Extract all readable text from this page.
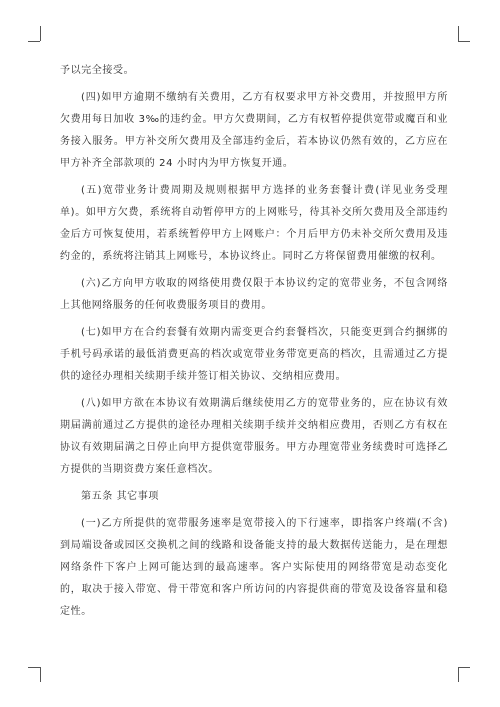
予以完全接受。

(四)如甲方逾期不缴纳有关费用，乙方有权要求甲方补交费用，并按照甲方所欠费用每日加收 3‰的违约金。甲方欠费期间，乙方有权暂停提供宽带或魔百和业务接入服务。甲方补交所欠费用及全部违约金后，若本协议仍然有效的，乙方应在甲方补齐全部款项的 24 小时内为甲方恢复开通。

(五)宽带业务计费周期及规则根据甲方选择的业务套餐计费(详见业务受理单)。如甲方欠费，系统将自动暂停甲方的上网账号，待其补交所欠费用及全部违约金后方可恢复使用，若系统暂停甲方上网账户：个月后甲方仍未补交所欠费用及违约金的，系统将注销其上网账号，本协议终止。同时乙方将保留费用催缴的权利。

(六)乙方向甲方收取的网络使用费仅限于本协议约定的宽带业务，不包含网络上其他网络服务的任何收费服务项目的费用。

(七)如甲方在合约套餐有效期内需变更合约套餐档次，只能变更到合约捆绑的手机号码承诺的最低消费更高的档次或宽带业务带宽更高的档次，且需通过乙方提供的途径办理相关续期手续并签订相关协议、交纳相应费用。

(八)如甲方欲在本协议有效期满后继续使用乙方的宽带业务的，应在协议有效期届满前通过乙方提供的途径办理相关续期手续并交纳相应费用，否则乙方有权在协议有效期届满之日停止向甲方提供宽带服务。甲方办理宽带业务续费时可选择乙方提供的当期资费方案任意档次。

第五条 其它事项

(一)乙方所提供的宽带服务速率是宽带接入的下行速率，即指客户终端(不含)到局端设备或园区交换机之间的线路和设备能支持的最大数据传送能力，是在理想网络条件下客户上网可能达到的最高速率。客户实际使用的网络带宽是动态变化的，取决于接入带宽、骨干带宽和客户所访问的内容提供商的带宽及设备容量和稳定性。
